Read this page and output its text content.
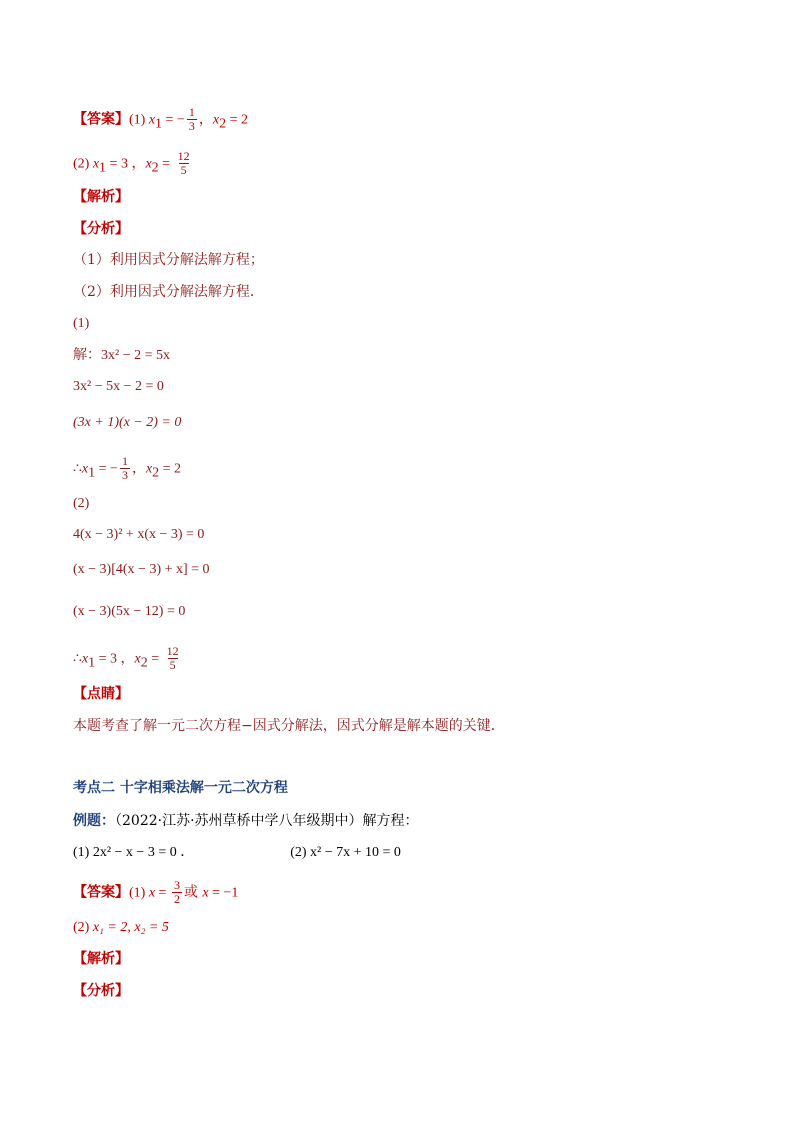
【答案】(1) $x_1$ = − $\frac{1}{3}$ ，$x_2 = 2$
(2) $x_1 = 3$ ，$x_2 = \frac{12}{5}$
【解析】
【分析】
（1）利用因式分解法解方程；
（2）利用因式分解法解方程．
(1)
解：3x² − 2 = 5x
3x² − 5x − 2 = 0
(3x + 1)(x − 2) = 0
$\therefore x_1$ = − $\frac{1}{3}$ ，$x_2 = 2$
(2)
4(x − 3)² + x(x − 3) = 0
(x − 3)[4(x − 3) + x] = 0
(x − 3)(5x − 12) = 0
$\therefore x_1 = 3$ ，$x_2 = \frac{12}{5}$
【点睛】
本题考查了解一元二次方程−因式分解法，因式分解是解本题的关键．
考点二 十字相乘法解一元二次方程
例题：（2022·江苏·苏州草桥中学八年级期中）解方程：
(1) 2x² − x − 3 = 0 ．	(2) x² − 7x + 10 = 0
【答案】(1) $x = \frac{3}{2}$ 或 x = −1
(2) x₁ = 2, x₂ = 5
【解析】
【分析】
